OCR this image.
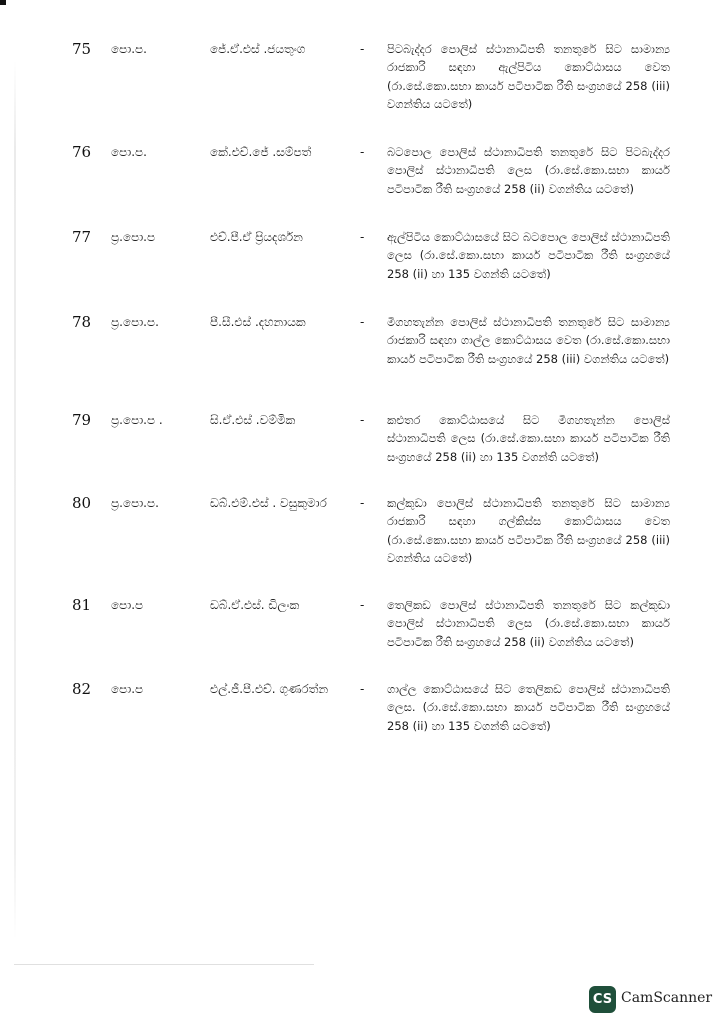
75	පො.ප.	ජේ.ඒ.එස් .ජයතුංග	-	පිටබැද්දර පොලිස් ස්ථානාධිපති තනතුරේ සිට සාමාන්‍ය රාජකාරි සඳහා ඇල්පිටිය කොට්ඨාසය වෙත (රා.සේ.කො.සභා කාර්ය පටිපාටික රීති සංග්‍රහයේ 258 (iii) වගන්තිය යටතේ)
76	පො.ප.	කේ.එච්.ජේ .සම්පත්	-	බටපොල පොලිස් ස්ථානාධිපති තනතුරේ සිට පිටබැද්දර පොලිස් ස්ථානාධිපති ලෙස (රා.සේ.කො.සභා කාර්ය පටිපාටික රීති සංග්‍රහයේ 258 (ii) වගන්තිය යටතේ)
77	ප්‍ර.පො.ප	එච්.පී.ඒ ප්‍රියදර්ශන	-	ඇල්පිටිය කොට්ඨාසයේ සිට බටපොල පොලිස් ස්ථානාධිපති ලෙස (රා.සේ.කො.සභා කාර්ය පටිපාටික රීති සංග්‍රහයේ 258 (ii) හා 135 වගන්ති යටතේ)
78	ප්‍ර.පො.ප.	පී.සී.එස් .දහනායක	-	මීගහතැන්න පොලිස් ස්ථානාධිපති තනතුරේ සිට සාමාන්‍ය රාජකාරි සඳහා ගාල්ල කොට්ඨාසය වෙත (රා.සේ.කො.සභා කාර්ය පටිපාටික රීති සංග්‍රහයේ 258 (iii) වගන්තිය යටතේ)
79	ප්‍ර.පො.ප .	සි.ඒ.එස් .වම්මික	-	කළුතර කොට්ඨාසයේ සිට මීගහතැන්න පොලිස් ස්ථානාධිපති ලෙස (රා.සේ.කො.සභා කාර්ය පටිපාටික රීති සංග්‍රහයේ 258 (ii) හා 135 වගන්ති යටතේ)
80	ප්‍ර.පො.ප.	ඩබ්.එම්.එස් . වසුකුමාර	-	කල්කුඩා පොලිස් ස්ථානාධිපති තනතුරේ සිට සාමාන්‍ය රාජකාරි සඳහා ගල්කිස්ස කොට්ඨාසය වෙත (රා.සේ.කො.සභා කාර්ය පටිපාටික රීති සංග්‍රහයේ 258 (iii) වගන්තිය යටතේ)
81	පො.ප	ඩබ්.ඒ.එස්. ඩිලංක	-	තෙලිකඩ පොලිස් ස්ථානාධිපති තනතුරේ සිට කල්කුඩා පොලිස් ස්ථානාධිපති ලෙස (රා.සේ.කො.සභා කාර්ය පටිපාටික රීති සංග්‍රහයේ 258 (ii) වගන්තිය යටතේ)
82	පො.ප	එල්.ජී.පී.එච්. ගුණරත්න	-	ගාල්ල කොට්ඨාසයේ සිට තෙලිකඩ පොලිස් ස්ථානාධිපති ලෙස. (රා.සේ.කො.සභා කාර්ය පටිපාටික රීති සංග්‍රහයේ 258 (ii) හා 135 වගන්ති යටතේ)
CS CamScanner
